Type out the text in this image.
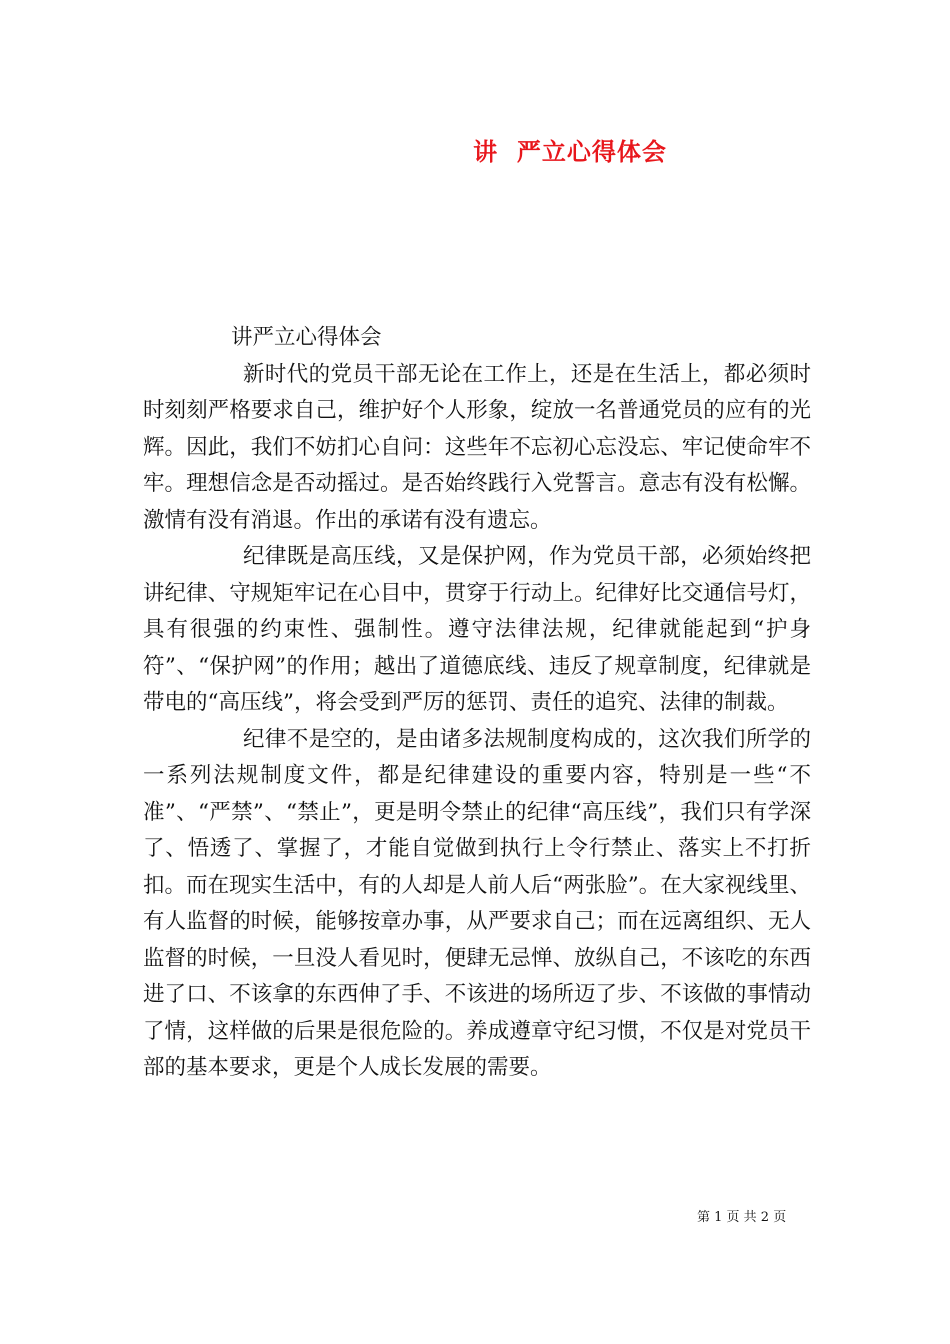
讲  严立心得体会

讲严立心得体会

新时代的党员干部无论在工作上，还是在生活上，都必须时时刻刻严格要求自己，维护好个人形象，绽放一名普通党员的应有的光辉。因此，我们不妨扪心自问：这些年不忘初心忘没忘、牢记使命牢不牢。理想信念是否动摇过。是否始终践行入党誓言。意志有没有松懈。激情有没有消退。作出的承诺有没有遗忘。

纪律既是高压线，又是保护网，作为党员干部，必须始终把讲纪律、守规矩牢记在心目中，贯穿于行动上。纪律好比交通信号灯，具有很强的约束性、强制性。遵守法律法规，纪律就能起到“护身符”、“保护网”的作用；越出了道德底线、违反了规章制度，纪律就是带电的“高压线”，将会受到严厉的惩罚、责任的追究、法律的制裁。

纪律不是空的，是由诸多法规制度构成的，这次我们所学的一系列法规制度文件，都是纪律建设的重要内容，特别是一些“不准”、“严禁”、“禁止”，更是明令禁止的纪律“高压线”，我们只有学深了、悟透了、掌握了，才能自觉做到执行上令行禁止、落实上不打折扣。而在现实生活中，有的人却是人前人后“两张脸”。在大家视线里、有人监督的时候，能够按章办事，从严要求自己；而在远离组织、无人监督的时候，一旦没人看见时，便肆无忌惮、放纵自己，不该吃的东西进了口、不该拿的东西伸了手、不该进的场所迈了步、不该做的事情动了情，这样做的后果是很危险的。养成遵章守纪习惯，不仅是对党员干部的基本要求，更是个人成长发展的需要。

第 1 页 共 2 页
